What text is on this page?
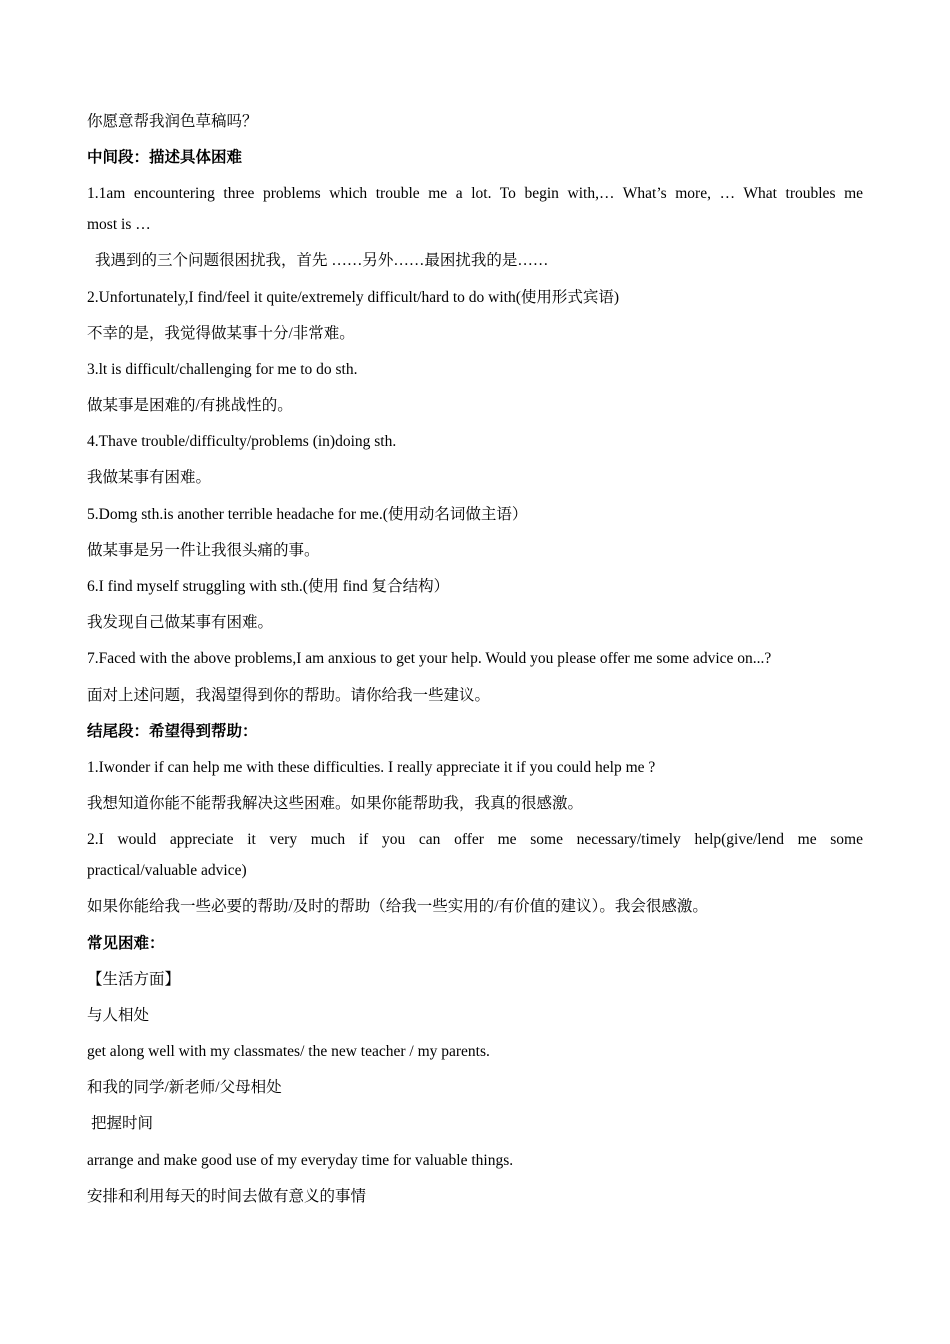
你愿意帮我润色草稿吗？

中间段：描述具体困难

1.1am encountering three problems which trouble me a lot. To begin with,… What’s more, … What troubles me

most is …

我遇到的三个问题很困扰我，首先 ……另外……最困扰我的是……

2.Unfortunately,I find/feel it quite/extremely difficult/hard to do with(使用形式宾语)

不幸的是，我觉得做某事十分/非常难。

3.lt is difficult/challenging for me to do sth.

做某事是困难的/有挑战性的。

4.Thave trouble/difficulty/problems (in)doing sth.

我做某事有困难。

5.Domg sth.is another terrible headache for me.(使用动名词做主语）

做某事是另一件让我很头痛的事。

6.I find myself struggling with sth.(使用 find 复合结构）

我发现自己做某事有困难。

7.Faced with the above problems,I am anxious to get your help. Would you please offer me some advice on...?

面对上述问题，我渴望得到你的帮助。请你给我一些建议。

结尾段：希望得到帮助：

1.Iwonder if can help me with these difficulties. I really appreciate it if you could help me ?

我想知道你能不能帮我解决这些困难。如果你能帮助我，我真的很感激。

2.I would appreciate it very much if you can offer me some necessary/timely help(give/lend me some

practical/valuable advice)

如果你能给我一些必要的帮助/及时的帮助（给我一些实用的/有价值的建议）。我会很感激。

常见困难：

【生活方面】

与人相处

get along well with my classmates/ the new teacher / my parents.

和我的同学/新老师/父母相处

把握时间

arrange and make good use of my everyday time for valuable things.

安排和利用每天的时间去做有意义的事情
